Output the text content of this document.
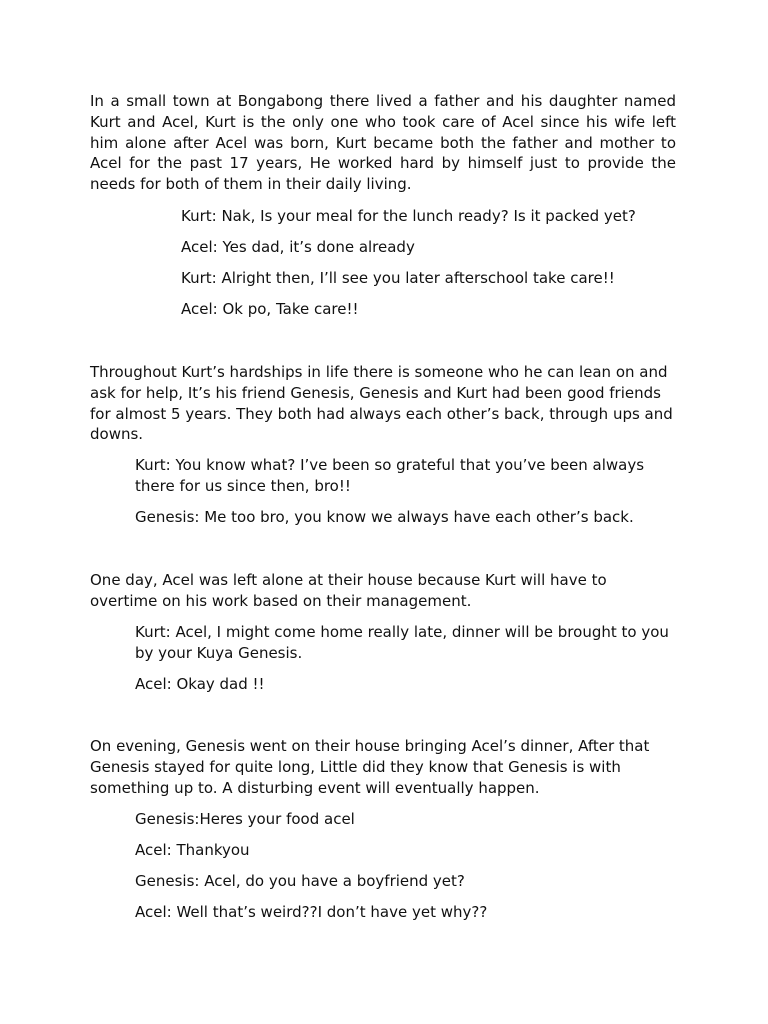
In a small town at Bongabong there lived a father and his daughter named Kurt and Acel, Kurt is the only one who took care of Acel since his wife left him alone after Acel was born, Kurt became both the father and mother to Acel for the past 17 years, He worked hard by himself just to provide the needs for both of them in their daily living.

Kurt: Nak, Is your meal for the lunch ready? Is it packed yet?

Acel: Yes dad, it’s done already

Kurt: Alright then, I’ll see you later afterschool take care!!

Acel: Ok po, Take care!!

Throughout Kurt’s hardships in life there is someone who he can lean on and ask for help, It’s his friend Genesis, Genesis and Kurt had been good friends for almost 5 years. They both had always each other’s back, through ups and downs.

Kurt: You know what? I’ve been so grateful that you’ve been always there for us since then, bro!!

Genesis: Me too bro, you know we always have each other’s back.

One day, Acel was left alone at their house because Kurt will have to overtime on his work based on their management.

Kurt: Acel, I might come home really late, dinner will be brought to you by your Kuya Genesis.

Acel: Okay dad !!

On evening, Genesis went on their house bringing Acel’s dinner, After that Genesis stayed for quite long, Little did they know that Genesis is with something up to. A disturbing event will eventually happen.

Genesis:Heres your food acel

Acel: Thankyou

Genesis: Acel, do you have a boyfriend yet?

Acel: Well that’s weird??I don’t have yet why??
